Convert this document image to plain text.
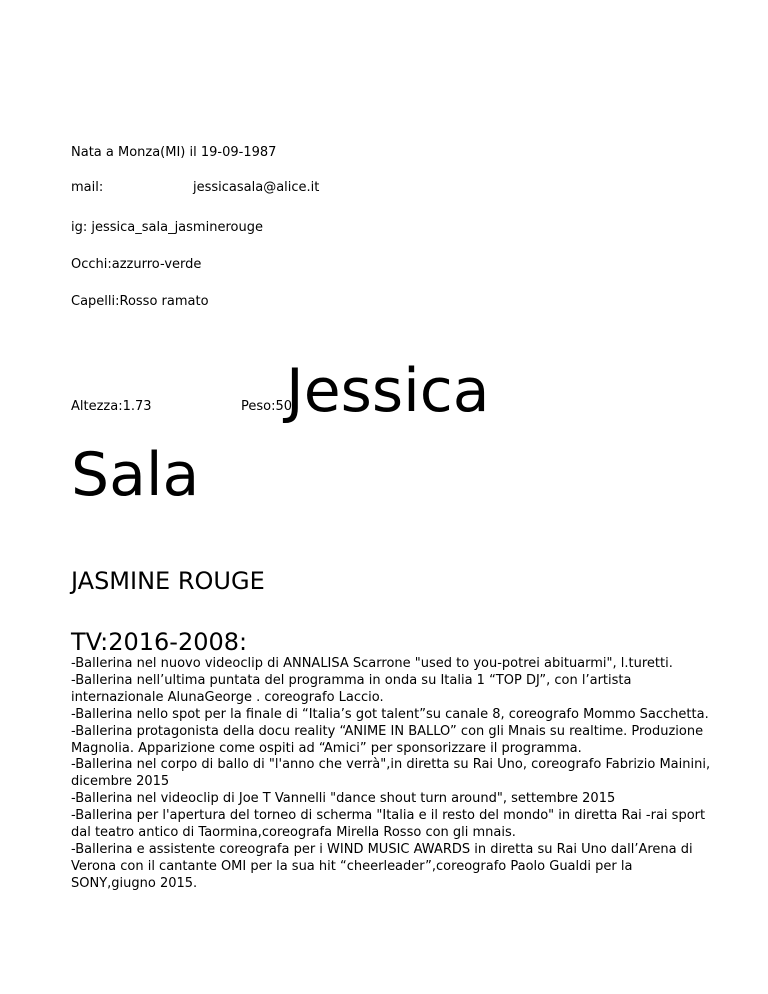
Nata a Monza(MI) il 19-09-1987
mail:	jessicasala@alice.it
ig: jessica_sala_jasminerouge
Occhi:azzurro-verde
Capelli:Rosso ramato
Altezza:1.73	Peso:50
Jessica
Sala
JASMINE ROUGE
TV:2016-2008:
-Ballerina nel nuovo videoclip di ANNALISA Scarrone "used to you-potrei abituarmi", l.turetti.
-Ballerina nell’ultima puntata del programma in onda su Italia 1 “TOP DJ”, con l’artista internazionale AlunaGeorge . coreografo Laccio.
-Ballerina nello spot per la finale di “Italia’s got talent”su canale 8, coreografo Mommo Sacchetta.
-Ballerina protagonista della docu reality “ANIME IN BALLO” con gli Mnais su realtime. Produzione Magnolia. Apparizione come ospiti ad “Amici” per sponsorizzare il programma.
-Ballerina nel corpo di ballo di "l'anno che verrà",in diretta su Rai Uno, coreografo Fabrizio Mainini, dicembre 2015
-Ballerina nel videoclip di Joe T Vannelli "dance shout turn around", settembre 2015
-Ballerina per l'apertura del torneo di scherma "Italia e il resto del mondo" in diretta Rai -rai sport dal teatro antico di Taormina,coreografa Mirella Rosso con gli mnais.
-Ballerina e assistente coreografa per i WIND MUSIC AWARDS in diretta su Rai Uno dall’Arena di Verona con il cantante OMI per la sua hit “cheerleader”,coreografo Paolo Gualdi per la SONY,giugno 2015.
